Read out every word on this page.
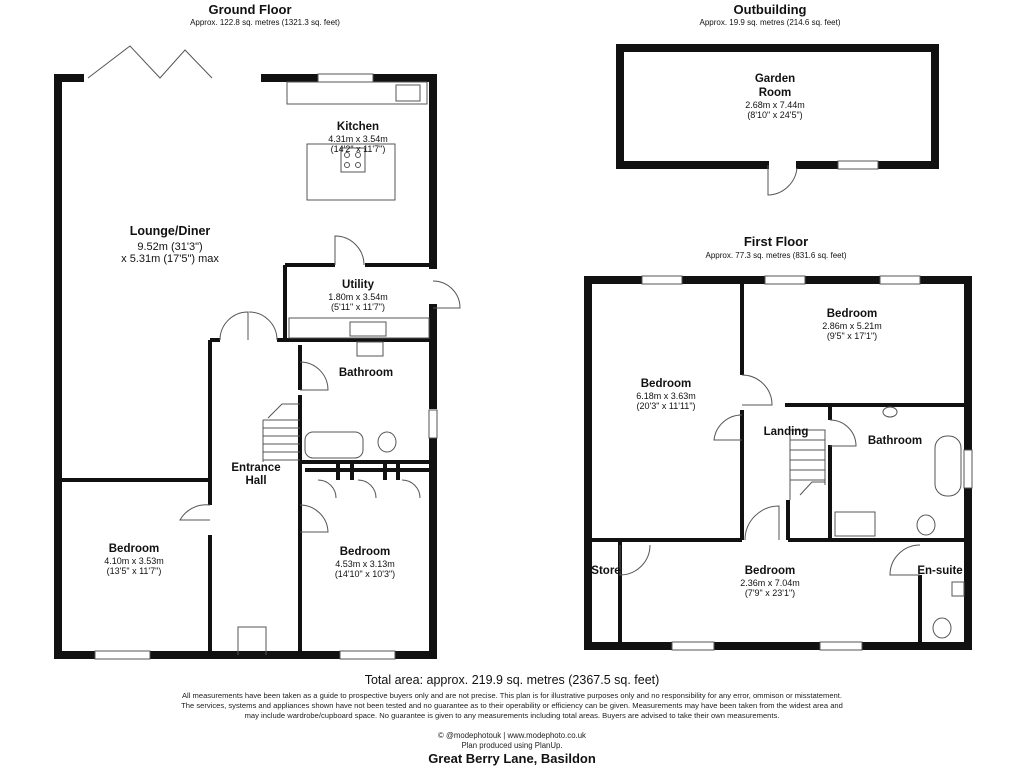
Ground Floor
Approx. 122.8 sq. metres (1321.3 sq. feet)
Lounge/Diner
9.52m (31'3")
x 5.31m (17'5") max
Kitchen
4.31m x 3.54m
(14'2" x 11'7")
Utility
1.80m x 3.54m
(5'11" x 11'7")
Bathroom
Entrance
Hall
Bedroom
4.10m x 3.53m
(13'5" x 11'7")
Bedroom
4.53m x 3.13m
(14'10" x 10'3")
Outbuilding
Approx. 19.9 sq. metres (214.6 sq. feet)
Garden
Room
2.68m x 7.44m
(8'10" x 24'5")
First Floor
Approx. 77.3 sq. metres (831.6 sq. feet)
Bedroom
6.18m x 3.63m
(20'3" x 11'11")
Bedroom
2.86m x 5.21m
(9'5" x 17'1")
Landing
Bathroom
Bedroom
2.36m x 7.04m
(7'9" x 23'1")
Store	En-suite
Total area: approx. 219.9 sq. metres (2367.5 sq. feet)
All measurements have been taken as a guide to prospective buyers only and are not precise. This plan is for illustrative purposes only and no responsibility for any error, ommison or misstatement.
The services, systems and appliances shown have not been tested and no guarantee as to their operability or efficiency can be given. Measurements may have been taken from the widest area and
may include wardrobe/cupboard space. No guarantee is given to any measurements including total areas. Buyers are advised to take their own measurements.
© @modephotouk | www.modephoto.co.uk
Plan produced using PlanUp.
Great Berry Lane, Basildon
